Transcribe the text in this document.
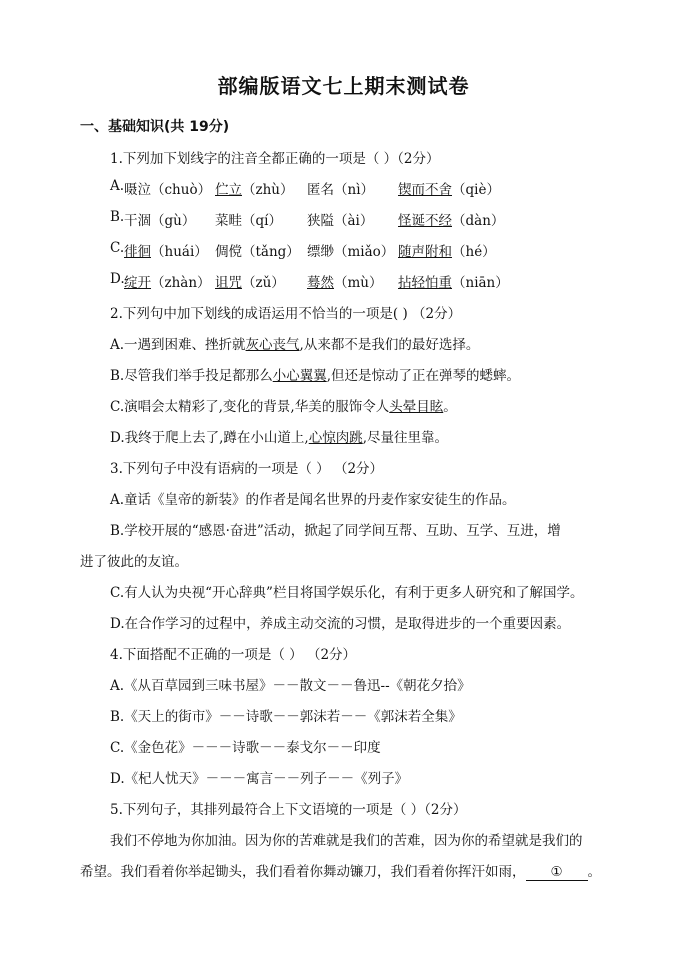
部编版语文七上期末测试卷
一、基础知识(共 19分)
1.下列加下划线字的注音全都正确的一项是（ ）（2分）
A. 嗫泣（chuò） 伫立（zhù） 匿名（nì） 锲而不舍（qiè）
B. 干涸（gù） 菜畦（qí） 狭隘（ài） 怪诞不经（dàn）
C. 徘徊（huái） 倜傥（tǎng） 缥缈（miǎo） 随声附和（hé）
D. 绽开（zhàn） 诅咒（zǔ） 蓦然（mù） 拈轻怕重（niān）
2.下列句中加下划线的成语运用不恰当的一项是( ) （2分）
A.一遇到困难、挫折就灰心丧气,从来都不是我们的最好选择。
B.尽管我们举手投足都那么小心翼翼,但还是惊动了正在弹琴的蟋蟀。
C.演唱会太精彩了,变化的背景,华美的服饰令人头晕目眩。
D.我终于爬上去了,蹲在小山道上,心惊肉跳,尽量往里靠。
3.下列句子中没有语病的一项是（ ） （2分）
A.童话《皇帝的新装》的作者是闻名世界的丹麦作家安徒生的作品。
B.学校开展的“感恩·奋进”活动，掀起了同学间互帮、互助、互学、互进，增
进了彼此的友谊。
C.有人认为央视“开心辞典”栏目将国学娱乐化，有利于更多人研究和了解国学。
D.在合作学习的过程中，养成主动交流的习惯，是取得进步的一个重要因素。
4.下面搭配不正确的一项是（ ） （2分）
A.《从百草园到三味书屋》－－散文－－鲁迅--《朝花夕拾》
B.《天上的街市》－－诗歌－－郭沫若－－《郭沫若全集》
C.《金色花》－－－诗歌－－泰戈尔－－印度
D.《杞人忧天》－－－寓言－－列子－－《列子》
5.下列句子，其排列最符合上下文语境的一项是（ ）（2分）
我们不停地为你加油。因为你的苦难就是我们的苦难，因为你的希望就是我们的
希望。我们看着你举起锄头，我们看着你舞动镰刀，我们看着你挥汗如雨， ① 。
